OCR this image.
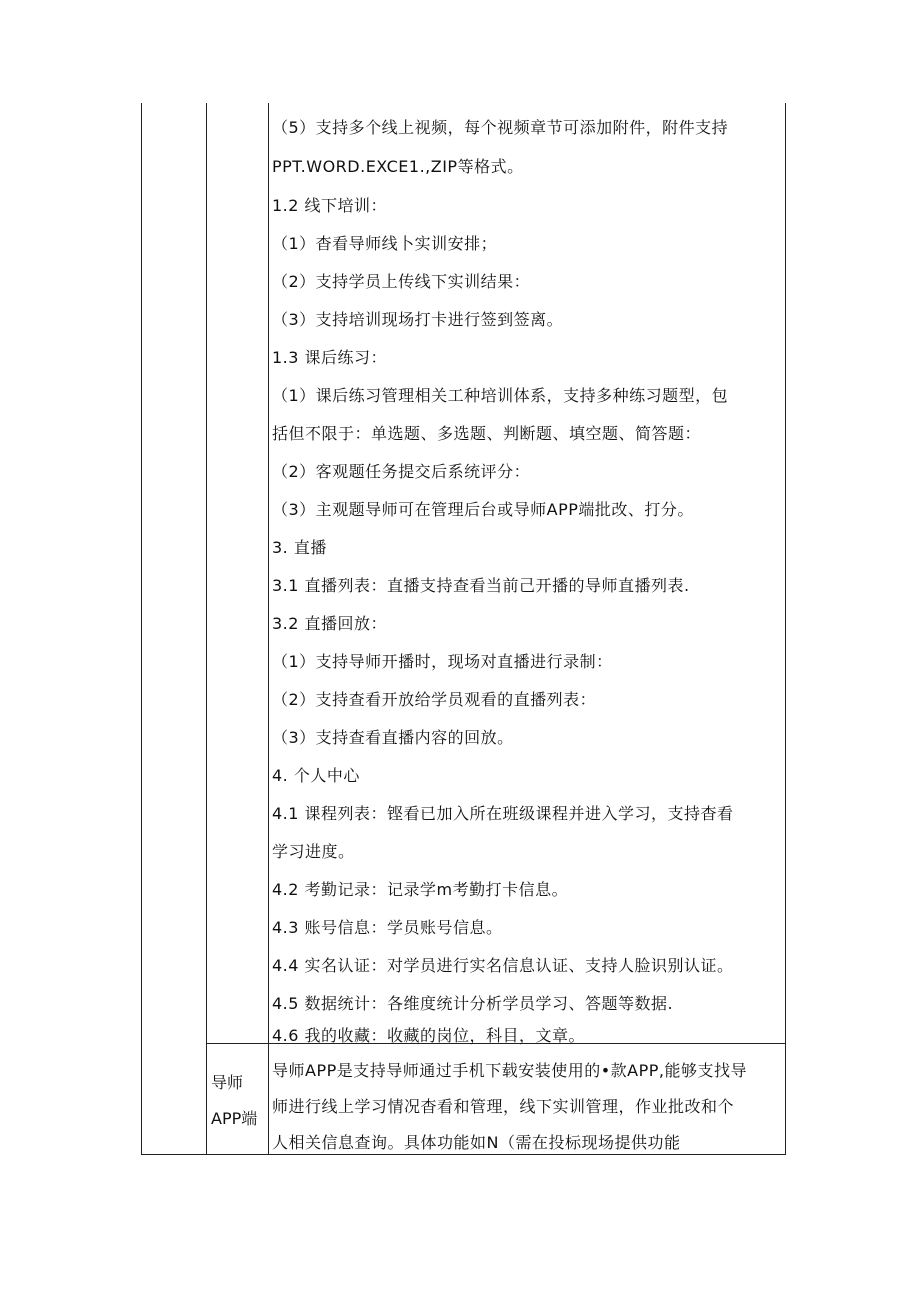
（5）支持多个线上视频，每个视频章节可添加附件，附件支持
PPT.WORD.EXCE1.,ZIP等格式。
1.2 线下培训：
（1）杳看导师线卜实训安排；
（2）支持学员上传线下实训结果：
（3）支持培训现场打卡进行签到签离。
1.3 课后练习：
（1）课后练习管理相关工种培训体系，支持多种练习题型，包
括但不限于：单选题、多选题、判断题、填空题、简答题：
（2）客观题任务提交后系统评分：
（3）主观题导师可在管理后台或导师APP端批改、打分。
3. 直播
3.1 直播列表：直播支持查看当前己开播的导师直播列表.
3.2 直播回放：
（1）支持导师开播时，现场对直播进行录制：
（2）支持查看开放给学员观看的直播列表：
（3）支持查看直播内容的回放。
4. 个人中心
4.1 课程列表：铿看已加入所在班级课程并进入学习，支持杳看
学习进度。
4.2 考勤记录：记录学m考勤打卡信息。
4.3 账号信息：学员账号信息。
4.4 实名认证：对学员进行实名信息认证、支持人脸识别认证。
4.5 数据统计：各维度统计分析学员学习、答题等数据.
4.6 我的收藏：收藏的岗位，科目，文章。
导师
APP端
导师APP是支持导师通过手机下载安装使用的•款APP,能够支找导
师进行线上学习情况杳看和管理，线下实训管理，作业批改和个
人相关信息查询。具体功能如N（需在投标现场提供功能
